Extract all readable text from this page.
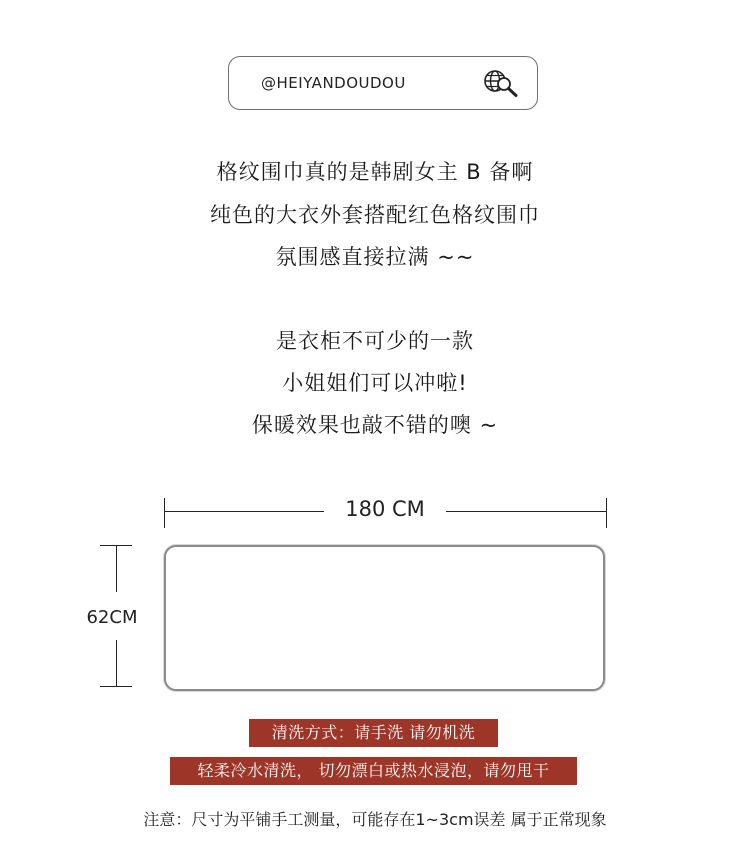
@HEIYANDOUDOU
格纹围巾真的是韩剧女主 B 备啊
纯色的大衣外套搭配红色格纹围巾
氛围感直接拉满 ~~
是衣柜不可少的一款
小姐姐们可以冲啦!
保暖效果也敲不错的噢 ~
180 CM
62CM
清洗方式：请手洗 请勿机洗
轻柔冷水清洗， 切勿漂白或热水浸泡，请勿甩干
注意：尺寸为平铺手工测量，可能存在1~3cm误差 属于正常现象
